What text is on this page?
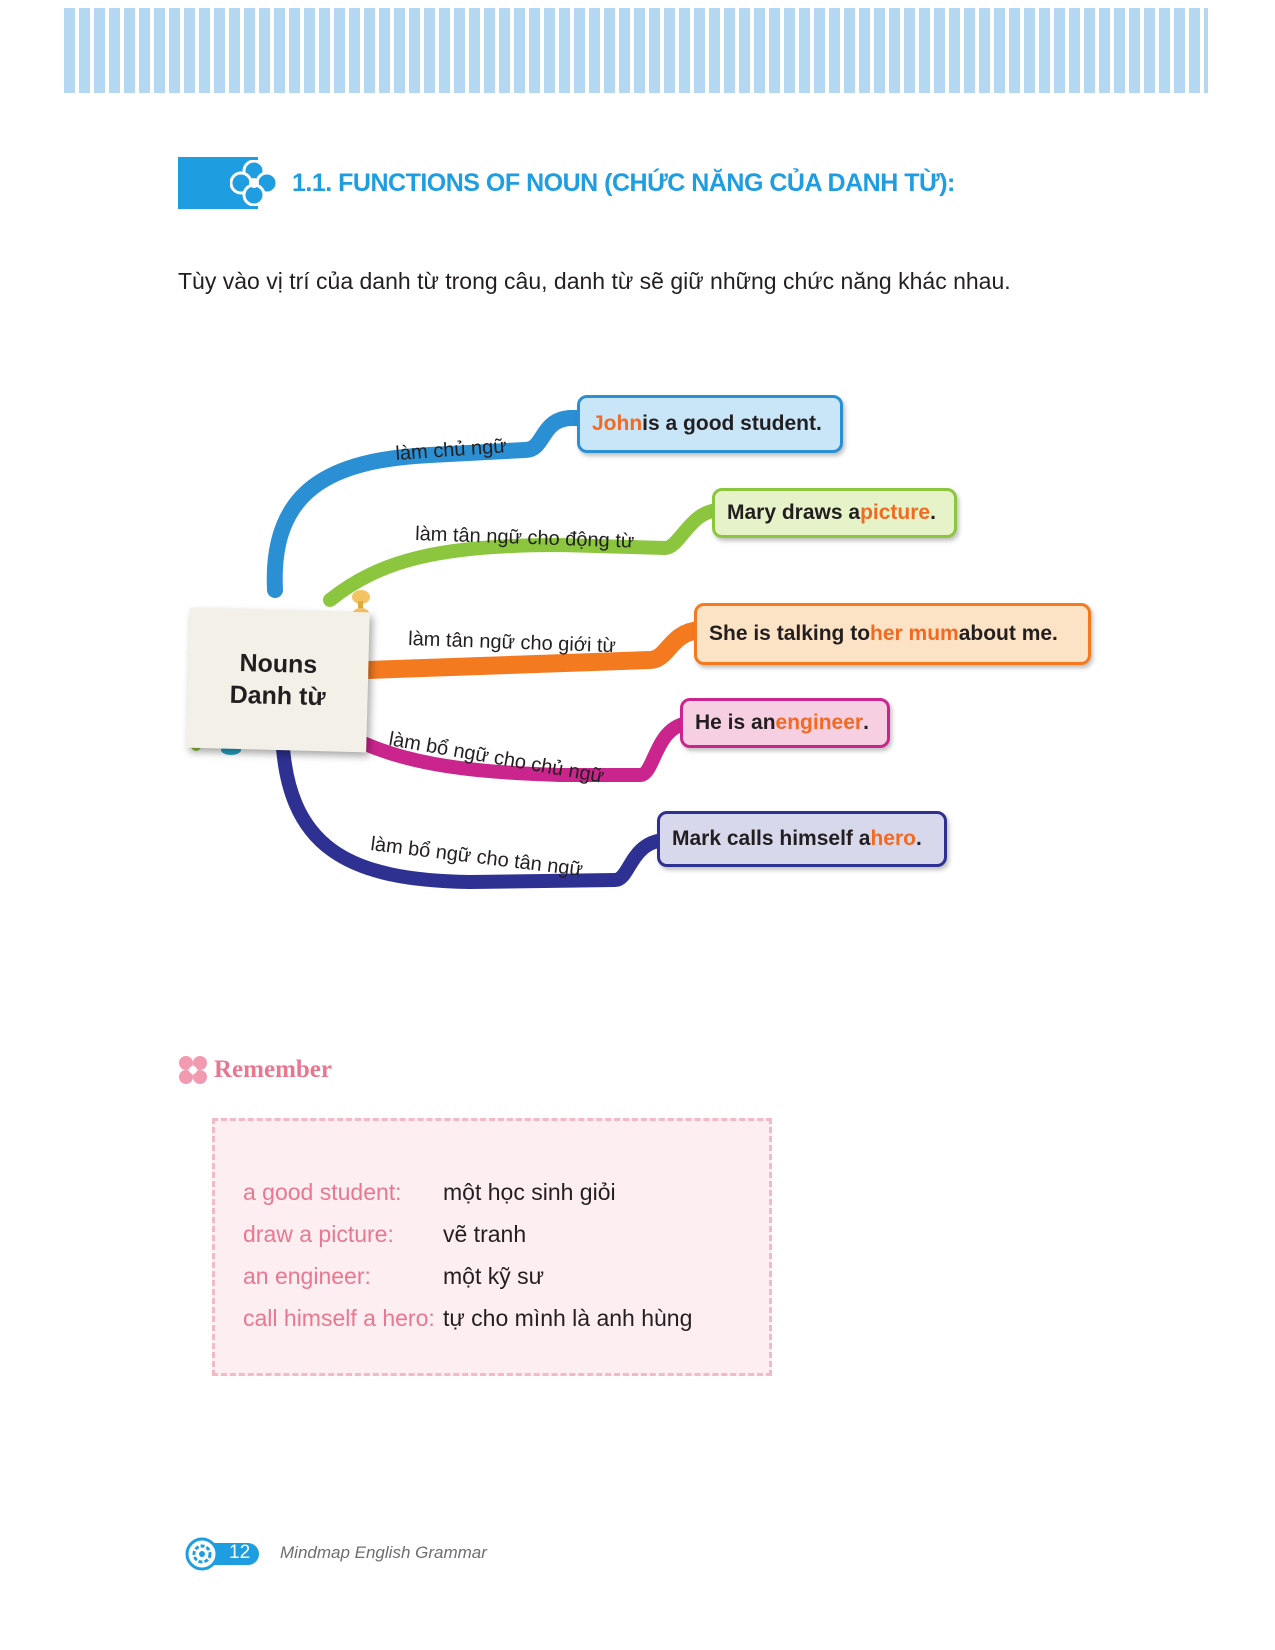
1.1. FUNCTIONS OF NOUN (CHỨC NĂNG CỦA DANH TỪ):
Tùy vào vị trí của danh từ trong câu, danh từ sẽ giữ những chức năng khác nhau.
làm chủ ngữ
làm tân ngữ cho động từ
làm tân ngữ cho giới từ
làm bổ ngữ cho chủ ngữ
làm bổ ngữ cho tân ngữ
Nouns
Danh từ
John is a good student.
Mary draws a picture .
She is talking to her mum about me.
He is an engineer .
Mark calls himself a hero .
Remember
a good student:	một học sinh giỏi
draw a picture:	vẽ tranh
an engineer:	một kỹ sư
call himself a hero: tự cho mình là anh hùng
12 Mindmap English Grammar
